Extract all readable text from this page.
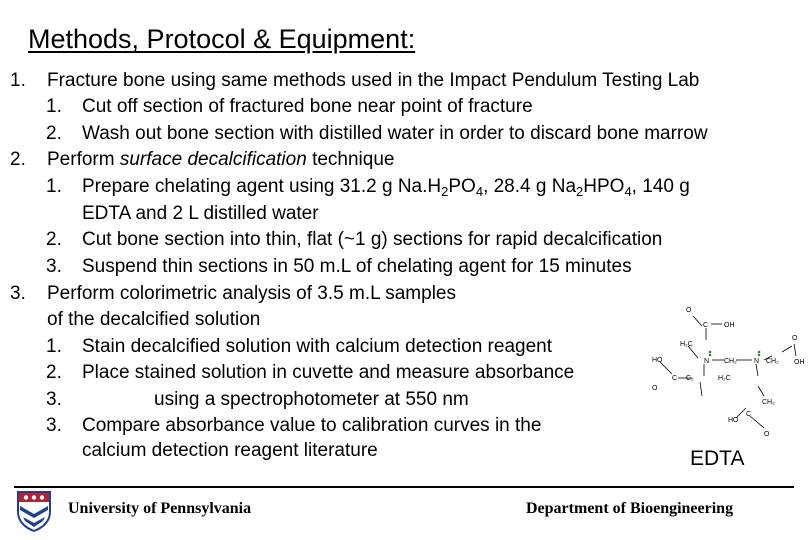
Methods, Protocol & Equipment:
1. Fracture bone using same methods used in the Impact Pendulum Testing Lab
1. Cut off section of fractured bone near point of fracture
2. Wash out bone section with distilled water in order to discard bone marrow
2. Perform surface decalcification technique
1. Prepare chelating agent using 31.2 g $Na.H_2PO_4$, 28.4 g $Na_2HPO_4$, 140 g
EDTA and 2 L distilled water
2. Cut bone section into thin, flat (~1 g) sections for rapid decalcification
3. Suspend thin sections in 50 m.L of chelating agent for 15 minutes
3. Perform colorimetric analysis of 3.5 m.L samples
of the decalcified solution
1. Stain decalcified solution with calcium detection reagent
2. Place stained solution in cuvette and measure absorbance
3.	using a spectrophotometer at 550 nm
3. Compare absorbance value to calibration curves in the
calcium detection reagent literature
O
C OH
H₂C
HO	N CH₂ N CH₂
O
OH
C C₂	H₂C
O
CH₂
HO
C
O
EDTA
University of Pennsylvania	Department of Bioengineering
